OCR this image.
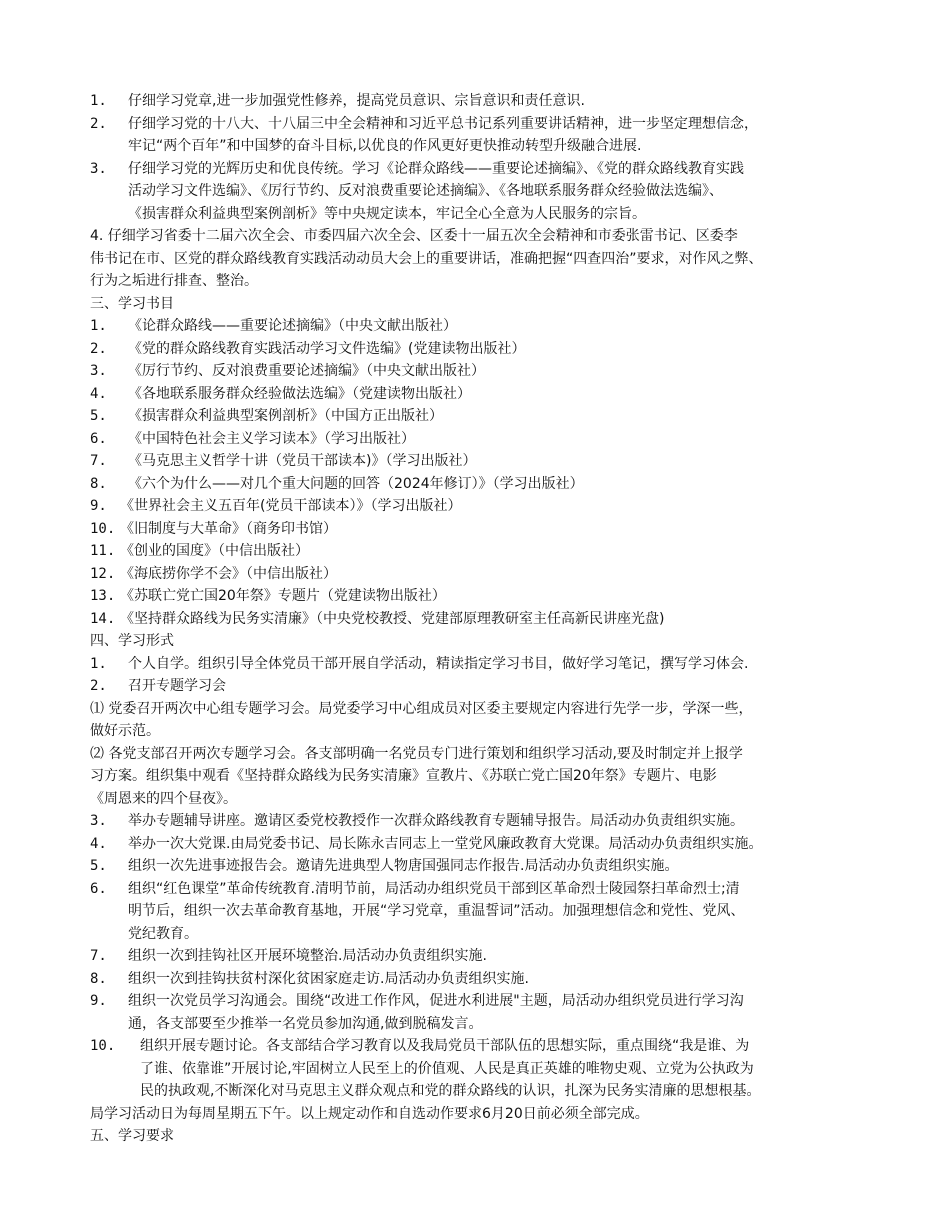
1.	仔细学习党章,进一步加强党性修养，提高党员意识、宗旨意识和责任意识.
2. 仔细学习党的十八大、十八届三中全会精神和习近平总书记系列重要讲话精神，进一步坚定理想信念，
牢记“两个百年”和中国梦的奋斗目标,以优良的作风更好更快推动转型升级融合进展.
3. 仔细学习党的光辉历史和优良传统。学习《论群众路线——重要论述摘编》、《党的群众路线教育实践
活动学习文件选编》、《厉行节约、反对浪费重要论述摘编》、《各地联系服务群众经验做法选编》、
《损害群众利益典型案例剖析》等中央规定读本，牢记全心全意为人民服务的宗旨。
4. 仔细学习省委十二届六次全会、市委四届六次全会、区委十一届五次全会精神和市委张雷书记、区委李
伟书记在市、区党的群众路线教育实践活动动员大会上的重要讲话，准确把握“四查四治”要求，对作风之弊、
行为之垢进行排查、整治。
三、学习书目
1.	《论群众路线——重要论述摘编》（中央文献出版社）
2.	《党的群众路线教育实践活动学习文件选编》(党建读物出版社）
3.	《厉行节约、反对浪费重要论述摘编》（中央文献出版社）
4.	《各地联系服务群众经验做法选编》（党建读物出版社）
5.	《损害群众利益典型案例剖析》（中国方正出版社）
6.	《中国特色社会主义学习读本》（学习出版社）
7.	《马克思主义哲学十讲（党员干部读本)》（学习出版社）
8.	《六个为什么——对几个重大问题的回答（2024年修订）》（学习出版社）
9. 《世界社会主义五百年(党员干部读本）》（学习出版社）
10. 《旧制度与大革命》（商务印书馆）
11. 《创业的国度》（中信出版社）
12. 《海底捞你学不会》（中信出版社）
13. 《苏联亡党亡国20年祭》专题片（党建读物出版社）
14. 《坚持群众路线为民务实清廉》（中央党校教授、党建部原理教研室主任高新民讲座光盘)
四、学习形式
1.	个人自学。组织引导全体党员干部开展自学活动，精读指定学习书目，做好学习笔记，撰写学习体会.
2.	召开专题学习会
⑴ 党委召开两次中心组专题学习会。局党委学习中心组成员对区委主要规定内容进行先学一步，学深一些，
做好示范。
⑵ 各党支部召开两次专题学习会。各支部明确一名党员专门进行策划和组织学习活动,要及时制定并上报学
习方案。组织集中观看《坚持群众路线为民务实清廉》宣教片、《苏联亡党亡国20年祭》专题片、电影
《周恩来的四个昼夜》。
3.	举办专题辅导讲座。邀请区委党校教授作一次群众路线教育专题辅导报告。局活动办负责组织实施。
4.	举办一次大党课.由局党委书记、局长陈永吉同志上一堂党风廉政教育大党课。局活动办负责组织实施。
5.	组织一次先进事迹报告会。邀请先进典型人物唐国强同志作报告.局活动办负责组织实施。
6. 组织“红色课堂”革命传统教育.清明节前，局活动办组织党员干部到区革命烈士陵园祭扫革命烈士;清
明节后，组织一次去革命教育基地，开展“学习党章，重温誓词”活动。加强理想信念和党性、党风、
党纪教育。
7.	组织一次到挂钩社区开展环境整治.局活动办负责组织实施.
8.	组织一次到挂钩扶贫村深化贫困家庭走访.局活动办负责组织实施.
9. 组织一次党员学习沟通会。围绕“改进工作作风，促进水利进展"主题，局活动办组织党员进行学习沟
通，各支部要至少推举一名党员参加沟通,做到脱稿发言。
10. 组织开展专题讨论。各支部结合学习教育以及我局党员干部队伍的思想实际，重点围绕“我是谁、为
了谁、依靠谁”开展讨论,牢固树立人民至上的价值观、人民是真正英雄的唯物史观、立党为公执政为
民的执政观,不断深化对马克思主义群众观点和党的群众路线的认识，扎深为民务实清廉的思想根基。
局学习活动日为每周星期五下午。以上规定动作和自选动作要求6月20日前必须全部完成。
五、学习要求
